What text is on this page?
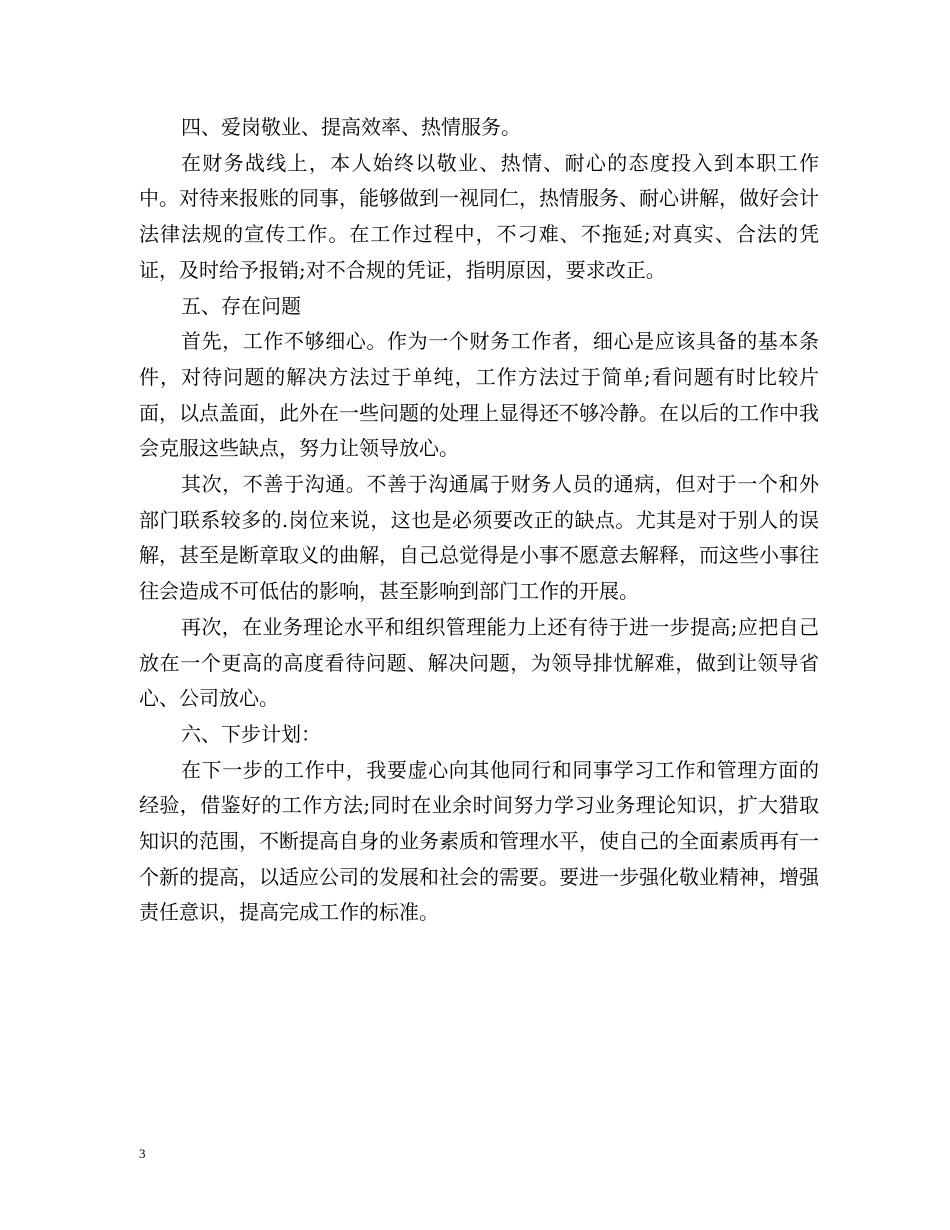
四、爱岗敬业、提高效率、热情服务。

在财务战线上，本人始终以敬业、热情、耐心的态度投入到本职工作中。对待来报账的同事，能够做到一视同仁，热情服务、耐心讲解，做好会计法律法规的宣传工作。在工作过程中，不刁难、不拖延;对真实、合法的凭证，及时给予报销;对不合规的凭证，指明原因，要求改正。

五、存在问题

首先，工作不够细心。作为一个财务工作者，细心是应该具备的基本条件，对待问题的解决方法过于单纯，工作方法过于简单;看问题有时比较片面，以点盖面，此外在一些问题的处理上显得还不够冷静。在以后的工作中我会克服这些缺点，努力让领导放心。

其次，不善于沟通。不善于沟通属于财务人员的通病，但对于一个和外部门联系较多的.岗位来说，这也是必须要改正的缺点。尤其是对于别人的误解，甚至是断章取义的曲解，自己总觉得是小事不愿意去解释，而这些小事往往会造成不可低估的影响，甚至影响到部门工作的开展。

再次，在业务理论水平和组织管理能力上还有待于进一步提高;应把自己放在一个更高的高度看待问题、解决问题，为领导排忧解难，做到让领导省心、公司放心。

六、下步计划：

在下一步的工作中，我要虚心向其他同行和同事学习工作和管理方面的经验，借鉴好的工作方法;同时在业余时间努力学习业务理论知识，扩大猎取知识的范围，不断提高自身的业务素质和管理水平，使自己的全面素质再有一个新的提高，以适应公司的发展和社会的需要。要进一步强化敬业精神，增强责任意识，提高完成工作的标准。

3
